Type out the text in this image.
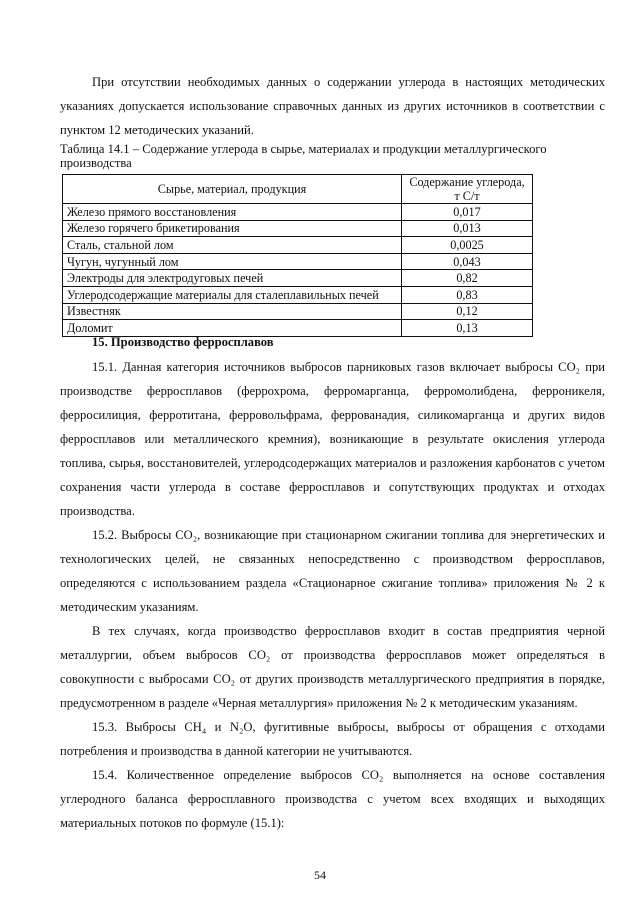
При отсутствии необходимых данных о содержании углерода в настоящих методических указаниях допускается использование справочных данных из других источников в соответствии с пунктом 12 методических указаний.

Таблица 14.1 – Содержание углерода в сырье, материалах и продукции металлургического производства

Сырье, материал, продукция	Содержание углерода, т С/т
Железо прямого восстановления	0,017
Железо горячего брикетирования	0,013
Сталь, стальной лом	0,0025
Чугун, чугунный лом	0,043
Электроды для электродуговых печей	0,82
Углеродсодержащие материалы для сталеплавильных печей	0,83
Известняк	0,12
Доломит	0,13
15. Производство ферросплавов

15.1. Данная категория источников выбросов парниковых газов включает выбросы CO₂ при производстве ферросплавов (феррохрома, ферромарганца, ферромолибдена, ферроникеля, ферросилиция, ферротитана, ферровольфрама, феррованадия, силикомарганца и других видов ферросплавов или металлического кремния), возникающие в результате окисления углерода топлива, сырья, восстановителей, углеродсодержащих материалов и разложения карбонатов с учетом сохранения части углерода в составе ферросплавов и сопутствующих продуктах и отходах производства.

15.2. Выбросы CO₂, возникающие при стационарном сжигании топлива для энергетических и технологических целей, не связанных непосредственно с производством ферросплавов, определяются с использованием раздела «Стационарное сжигание топлива» приложения № 2 к методическим указаниям.

В тех случаях, когда производство ферросплавов входит в состав предприятия черной металлургии, объем выбросов CO₂ от производства ферросплавов может определяться в совокупности с выбросами CO₂ от других производств металлургического предприятия в порядке, предусмотренном в разделе «Черная металлургия» приложения № 2 к методическим указаниям.

15.3. Выбросы CH₄ и N₂O, фугитивные выбросы, выбросы от обращения с отходами потребления и производства в данной категории не учитываются.

15.4. Количественное определение выбросов CO₂ выполняется на основе составления углеродного баланса ферросплавного производства с учетом всех входящих и выходящих материальных потоков по формуле (15.1):

54
